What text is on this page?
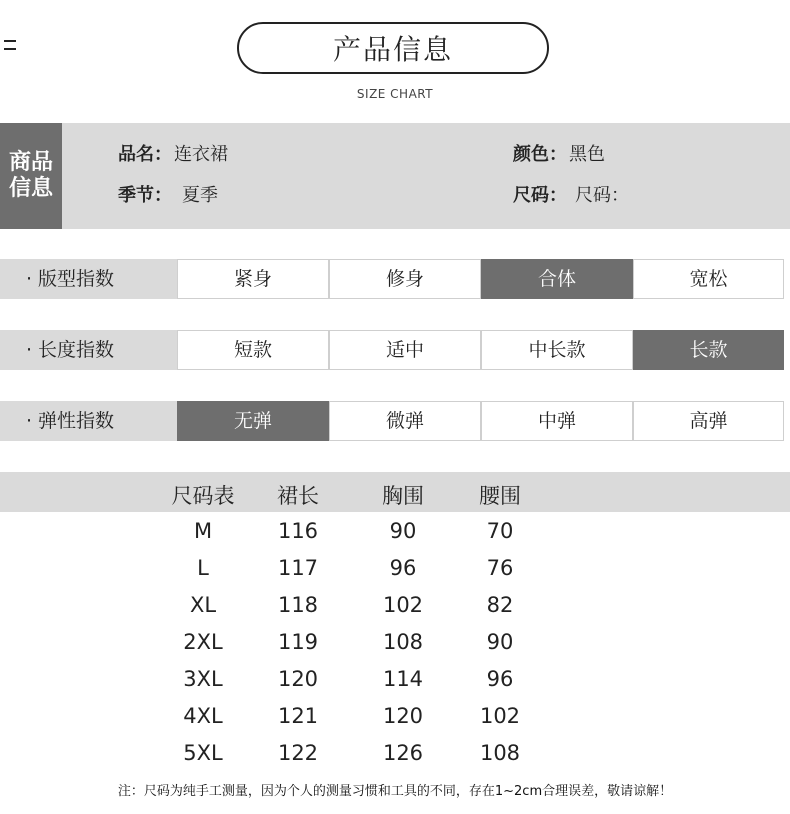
产品信息
SIZE CHART
商品信息
品名： 连衣裙	颜色： 黑色
季节： 夏季	尺码： 尺码：
· 版型指数	紧身	修身	合体	宽松
· 长度指数	短款	适中	中长款	长款
· 弹性指数	无弹	微弹	中弹	高弹
尺码表	裙长	胸围	腰围
M	116	90	70
L	117	96	76
XL	118	102	82
2XL	119	108	90
3XL	120	114	96
4XL	121	120	102
5XL	122	126	108
注：尺码为纯手工测量，因为个人的测量习惯和工具的不同，存在1~2cm合理误差，敬请谅解！
